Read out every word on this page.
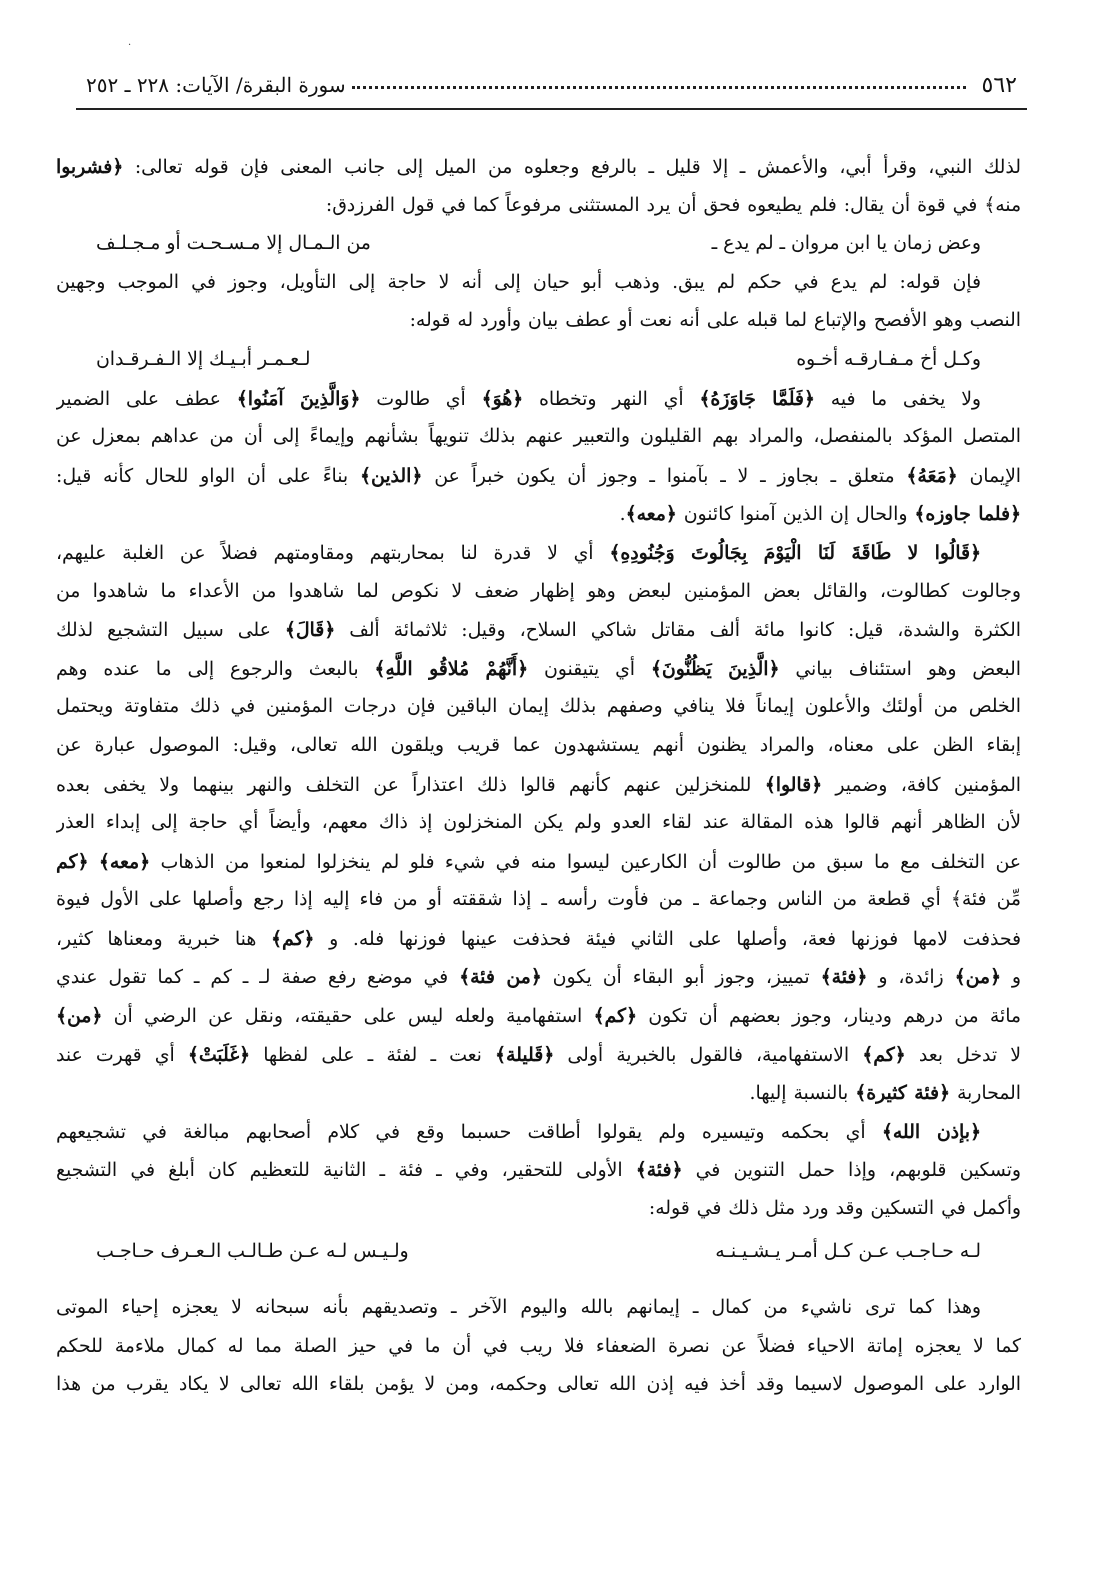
·
٥٦٢
سورة البقرة/ الآيات: ٢٢٨ ـ ٢٥٢
لذلك النبي، وقرأ أبي، والأعمش ـ إلا قليل ـ بالرفع وجعلوه من الميل إلى جانب المعنى فإن قوله تعالى: ﴿فشربوا
منه﴾ في قوة أن يقال: فلم يطيعوه فحق أن يرد المستثنى مرفوعاً كما في قول الفرزدق:
وعض زمان يا ابن مروان ـ لم يدع ـ
من الـمـال إلا مـسـحـت أو مـجـلـف
فإن قوله: لم يدع في حكم لم يبق. وذهب أبو حيان إلى أنه لا حاجة إلى التأويل، وجوز في الموجب وجهين
النصب وهو الأفصح والإتباع لما قبله على أنه نعت أو عطف بيان وأورد له قوله:
وكـل أخ مـفـارقـه أخـوه
لـعـمـر أبـيـك إلا الـفـرقـدان
ولا يخفى ما فيه ﴿فَلَمَّا جَاوَزَهُ﴾ أي النهر وتخطاه ﴿هُوَ﴾ أي طالوت ﴿وَالَّذِينَ آمَنُوا﴾ عطف على الضمير
المتصل المؤكد بالمنفصل، والمراد بهم القليلون والتعبير عنهم بذلك تنويهاً بشأنهم وإيماءً إلى أن من عداهم بمعزل عن
الإيمان ﴿مَعَهُ﴾ متعلق ـ بجاوز ـ لا ـ بآمنوا ـ وجوز أن يكون خبراً عن ﴿الذين﴾ بناءً على أن الواو للحال كأنه قيل:
﴿فلما جاوزه﴾ والحال إن الذين آمنوا كائنون ﴿معه﴾.
﴿قَالُوا لا طَاقَةَ لَنَا الْيَوْمَ بِجَالُوتَ وَجُنُودِهِ﴾ أي لا قدرة لنا بمحاربتهم ومقاومتهم فضلاً عن الغلبة عليهم،
وجالوت كطالوت، والقائل بعض المؤمنين لبعض وهو إظهار ضعف لا نكوص لما شاهدوا من الأعداء ما شاهدوا من
الكثرة والشدة، قيل: كانوا مائة ألف مقاتل شاكي السلاح، وقيل: ثلاثمائة ألف ﴿قَالَ﴾ على سبيل التشجيع لذلك
البعض وهو استئناف بياني ﴿الَّذِينَ يَظُنُّونَ﴾ أي يتيقنون ﴿أَنَّهُمْ مُلاقُو اللَّهِ﴾ بالبعث والرجوع إلى ما عنده وهم
الخلص من أولئك والأعلون إيماناً فلا ينافي وصفهم بذلك إيمان الباقين فإن درجات المؤمنين في ذلك متفاوتة ويحتمل
إبقاء الظن على معناه، والمراد يظنون أنهم يستشهدون عما قريب ويلقون الله تعالى، وقيل: الموصول عبارة عن
المؤمنين كافة، وضمير ﴿قالوا﴾ للمنخزلين عنهم كأنهم قالوا ذلك اعتذاراً عن التخلف والنهر بينهما ولا يخفى بعده
لأن الظاهر أنهم قالوا هذه المقالة عند لقاء العدو ولم يكن المنخزلون إذ ذاك معهم، وأيضاً أي حاجة إلى إبداء العذر
عن التخلف مع ما سبق من طالوت أن الكارعين ليسوا منه في شيء فلو لم ينخزلوا لمنعوا من الذهاب ﴿معه﴾ ﴿كم
مِّن فئة﴾ أي قطعة من الناس وجماعة ـ من فأوت رأسه ـ إذا شققته أو من فاء إليه إذا رجع وأصلها على الأول فيوة
فحذفت لامها فوزنها فعة، وأصلها على الثاني فيئة فحذفت عينها فوزنها فله. و ﴿كم﴾ هنا خبرية ومعناها كثير،
و ﴿من﴾ زائدة، و ﴿فئة﴾ تمييز، وجوز أبو البقاء أن يكون ﴿من فئة﴾ في موضع رفع صفة لـ ـ كم ـ كما تقول عندي
مائة من درهم ودينار، وجوز بعضهم أن تكون ﴿كم﴾ استفهامية ولعله ليس على حقيقته، ونقل عن الرضي أن ﴿من﴾
لا تدخل بعد ﴿كم﴾ الاستفهامية، فالقول بالخبرية أولى ﴿قَليلة﴾ نعت ـ لفئة ـ على لفظها ﴿غَلَبَتْ﴾ أي قهرت عند
المحاربة ﴿فئة كثيرة﴾ بالنسبة إليها.
﴿بإذن الله﴾ أي بحكمه وتيسيره ولم يقولوا أطاقت حسبما وقع في كلام أصحابهم مبالغة في تشجيعهم
وتسكين قلوبهم، وإذا حمل التنوين في ﴿فئة﴾ الأولى للتحقير، وفي ـ فئة ـ الثانية للتعظيم كان أبلغ في التشجيع
وأكمل في التسكين وقد ورد مثل ذلك في قوله:
لـه حـاجـب عـن كـل أمـر يـشـيـنـه
ولـيـس لـه عـن طـالـب الـعـرف حـاجـب
وهذا كما ترى ناشيء من كمال ـ إيمانهم بالله واليوم الآخر ـ وتصديقهم بأنه سبحانه لا يعجزه إحياء الموتى
كما لا يعجزه إماتة الاحياء فضلاً عن نصرة الضعفاء فلا ريب في أن ما في حيز الصلة مما له كمال ملاءمة للحكم
الوارد على الموصول لاسيما وقد أخذ فيه إذن الله تعالى وحكمه، ومن لا يؤمن بلقاء الله تعالى لا يكاد يقرب من هذا
